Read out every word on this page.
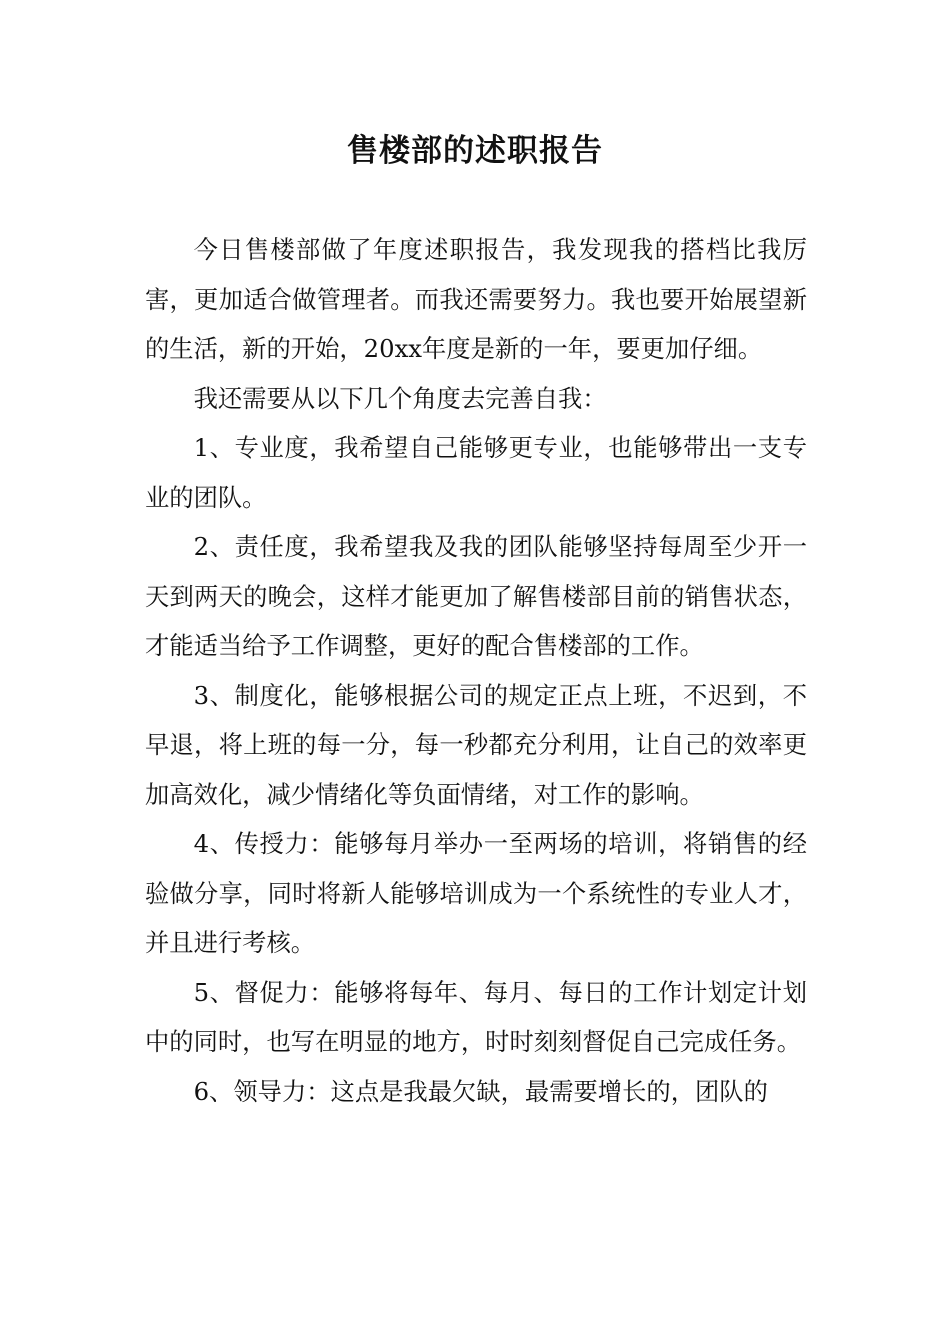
售楼部的述职报告

今日售楼部做了年度述职报告，我发现我的搭档比我厉害，更加适合做管理者。而我还需要努力。我也要开始展望新的生活，新的开始，20xx年度是新的一年，要更加仔细。

我还需要从以下几个角度去完善自我：

1、专业度，我希望自己能够更专业，也能够带出一支专业的团队。

2、责任度，我希望我及我的团队能够坚持每周至少开一天到两天的晚会，这样才能更加了解售楼部目前的销售状态，才能适当给予工作调整，更好的配合售楼部的工作。

3、制度化，能够根据公司的规定正点上班，不迟到，不早退，将上班的每一分，每一秒都充分利用，让自己的效率更加高效化，减少情绪化等负面情绪，对工作的影响。

4、传授力：能够每月举办一至两场的培训，将销售的经验做分享，同时将新人能够培训成为一个系统性的专业人才，并且进行考核。

5、督促力：能够将每年、每月、每日的工作计划定计划中的同时，也写在明显的地方，时时刻刻督促自己完成任务。

6、领导力：这点是我最欠缺，最需要增长的，团队的
